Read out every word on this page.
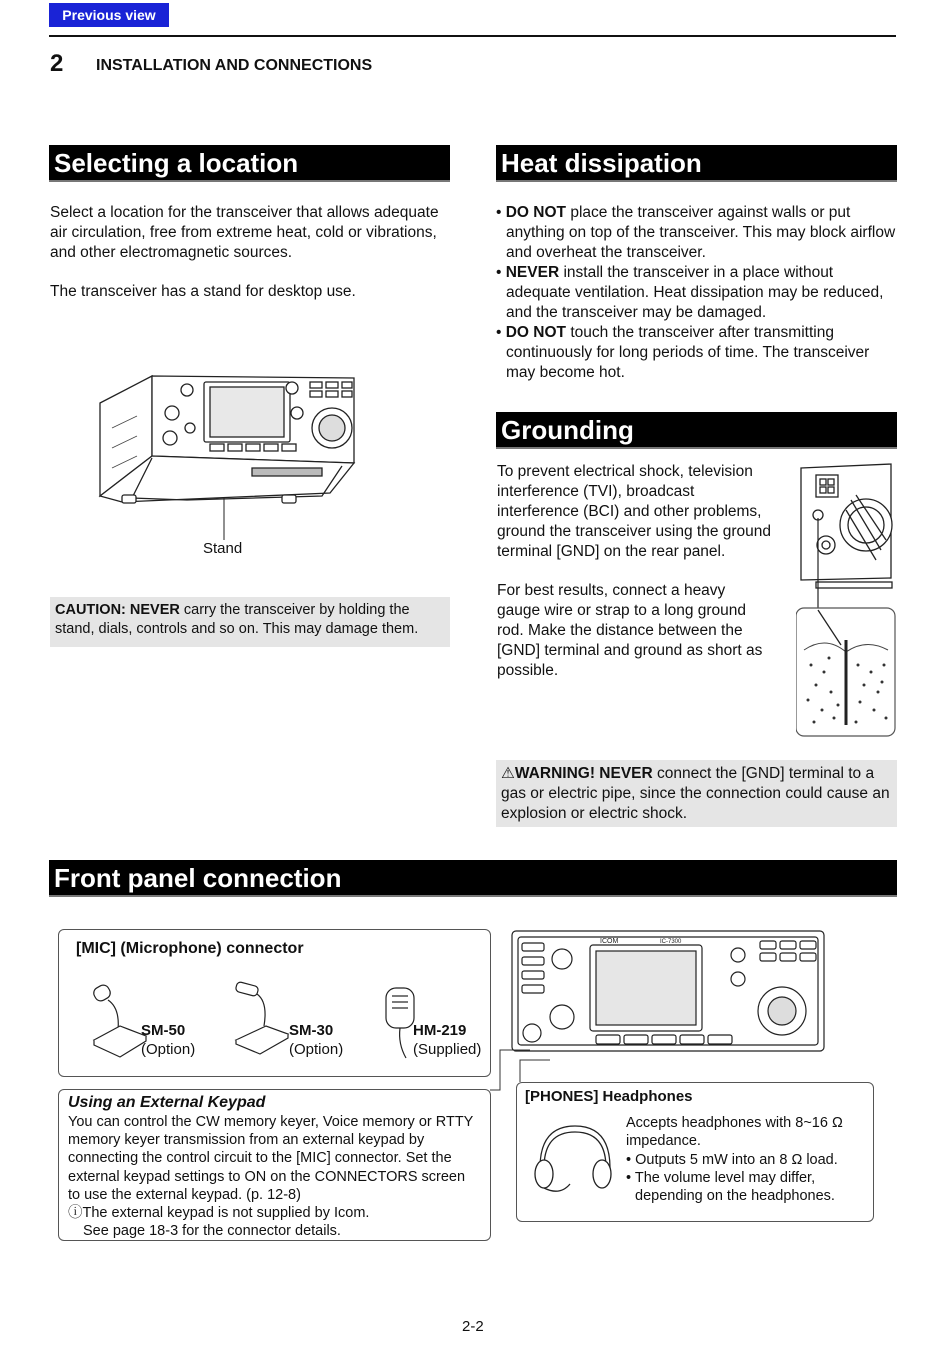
Previous view
2 INSTALLATION AND CONNECTIONS
Selecting a location

Select a location for the transceiver that allows adequate air circulation, free from extreme heat, cold or vibrations, and other electromagnetic sources.

The transceiver has a stand for desktop use.

Stand
CAUTION: NEVER carry the transceiver by holding the stand, dials, controls and so on. This may damage them.
Heat dissipation
• DO NOT place the transceiver against walls or put anything on top of the transceiver. This may block airflow and overheat the transceiver.
• NEVER install the transceiver in a place without adequate ventilation. Heat dissipation may be reduced, and the transceiver may be damaged.
• DO NOT touch the transceiver after transmitting continuously for long periods of time. The transceiver may become hot.
Grounding

To prevent electrical shock, television interference (TVI), broadcast interference (BCI) and other problems, ground the transceiver using the ground terminal [GND] on the rear panel.

For best results, connect a heavy gauge wire or strap to a long ground rod. Make the distance between the [GND] terminal and ground as short as possible.

⚠WARNING! NEVER connect the [GND] terminal to a gas or electric pipe, since the connection could cause an explosion or electric shock.
Front panel connection
[MIC] (Microphone) connector
SM-50
(Option)
SM-30
(Option)
HM-219
(Supplied)
ICOM	IC-7300
Using an External Keypad
You can control the CW memory keyer, Voice memory or RTTY memory keyer transmission from an external keypad by connecting the control circuit to the [MIC] connector. Set the external keypad settings to ON on the CONNECTORS screen to use the external keypad. (p. 12-8)
ⓘThe external keypad is not supplied by Icom.
See page 18-3 for the connector details.
[PHONES] Headphones
Accepts headphones with 8~16 Ω impedance.
• Outputs 5 mW into an 8 Ω load.
• The volume level may differ, depending on the headphones.
2-2
